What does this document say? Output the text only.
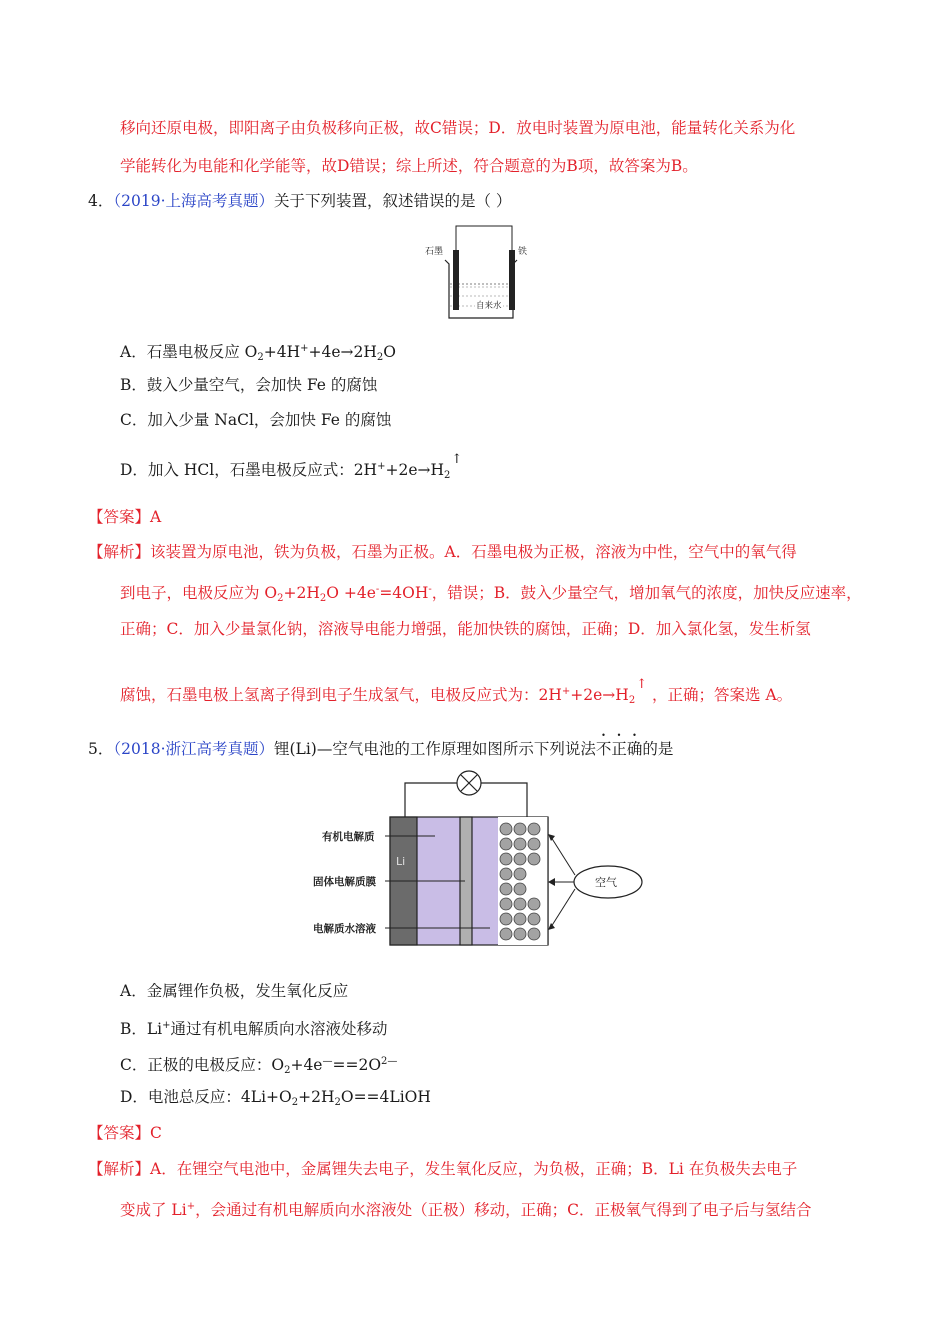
移向还原电极，即阳离子由负极移向正极，故C错误；D．放电时装置为原电池，能量转化关系为化
学能转化为电能和化学能等，故D错误；综上所述，符合题意的为B项，故答案为B。
4．（2019·上海高考真题）关于下列装置，叙述错误的是（ ）
石墨	铁
自来水
A．石墨电极反应 $O_2+4H^++4e\to 2H_2O$
B．鼓入少量空气，会加快 Fe 的腐蚀
C．加入少量 NaCl，会加快 Fe 的腐蚀
D．加入 HCl，石墨电极反应式：$2H^++2e\to H_2^↑$
【答案】A
【解析】该装置为原电池，铁为负极，石墨为正极。A．石墨电极为正极，溶液为中性，空气中的氧气得
到电子，电极反应为 $O_2+2H_2O +4e^-=4OH^-$，错误；B．鼓入少量空气，增加氧气的浓度，加快反应速率，
正确；C．加入少量氯化钠，溶液导电能力增强，能加快铁的腐蚀，正确；D．加入氯化氢，发生析氢
腐蚀，石墨电极上氢离子得到电子生成氢气，电极反应式为：$2H^++2e\to H_2^↑$ ，正确；答案选 A。
5．（2018·浙江高考真题）锂(Li)—空气电池的工作原理如图所示下列说法不正确的是
Li
有机电解质
固体电解质膜
电解质水溶液
空气
A．金属锂作负极，发生氧化反应
B．Li+通过有机电解质向水溶液处移动
C．正极的电极反应：$O_2+4e^—==2O^{2—}$
D．电池总反应：$4Li+O_2+2H_2O==4LiOH$
【答案】C
【解析】A．在锂空气电池中，金属锂失去电子，发生氧化反应，为负极，正确；B．Li 在负极失去电子
变成了 Li+，会通过有机电解质向水溶液处（正极）移动，正确；C．正极氧气得到了电子后与氢结合
